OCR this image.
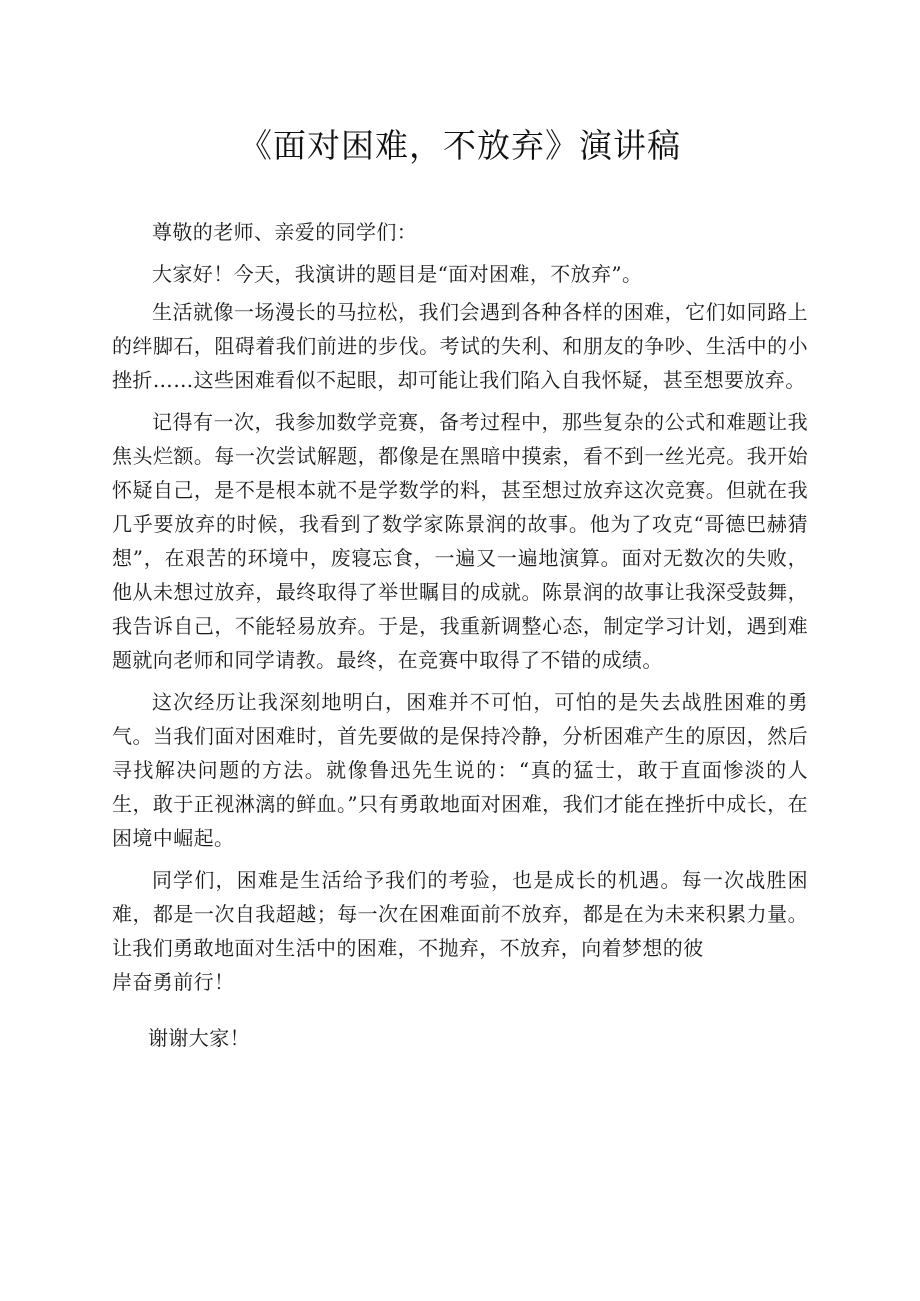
《面对困难，不放弃》演讲稿

尊敬的老师、亲爱的同学们：

大家好！今天，我演讲的题目是“面对困难，不放弃”。

生活就像一场漫长的马拉松，我们会遇到各种各样的困难，它们如同路上的绊脚石，阻碍着我们前进的步伐。考试的失利、和朋友的争吵、生活中的小挫折……这些困难看似不起眼，却可能让我们陷入自我怀疑，甚至想要放弃。

记得有一次，我参加数学竞赛，备考过程中，那些复杂的公式和难题让我焦头烂额。每一次尝试解题，都像是在黑暗中摸索，看不到一丝光亮。我开始怀疑自己，是不是根本就不是学数学的料，甚至想过放弃这次竞赛。但就在我几乎要放弃的时候，我看到了数学家陈景润的故事。他为了攻克“哥德巴赫猜想”，在艰苦的环境中，废寝忘食，一遍又一遍地演算。面对无数次的失败，他从未想过放弃，最终取得了举世瞩目的成就。陈景润的故事让我深受鼓舞，我告诉自己，不能轻易放弃。于是，我重新调整心态，制定学习计划，遇到难题就向老师和同学请教。最终，在竞赛中取得了不错的成绩。

这次经历让我深刻地明白，困难并不可怕，可怕的是失去战胜困难的勇气。当我们面对困难时，首先要做的是保持冷静，分析困难产生的原因，然后寻找解决问题的方法。就像鲁迅先生说的：“真的猛士，敢于直面惨淡的人生，敢于正视淋漓的鲜血。”只有勇敢地面对困难，我们才能在挫折中成长，在困境中崛起。

同学们，困难是生活给予我们的考验，也是成长的机遇。每一次战胜困难，都是一次自我超越；每一次在困难面前不放弃，都是在为未来积累力量。让我们勇敢地面对生活中的困难，不抛弃，不放弃，向着梦想的彼
岸奋勇前行！

谢谢大家！
